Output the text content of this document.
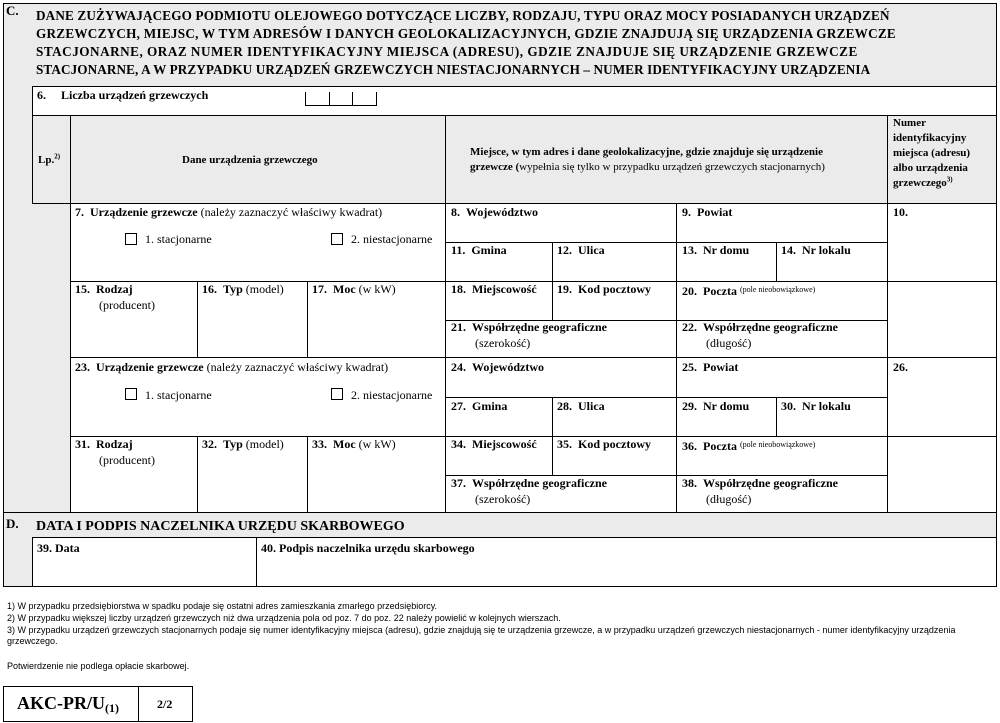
C. DANE ZUŻYWAJĄCEGO PODMIOTU OLEJOWEGO DOTYCZĄCE LICZBY, RODZAJU, TYPU ORAZ MOCY POSIADANYCH URZĄDZEŃ
GRZEWCZYCH, MIEJSC, W TYM ADRESÓW I DANYCH GEOLOKALIZACYJNYCH, GDZIE ZNAJDUJĄ SIĘ URZĄDZENIA GRZEWCZE
STACJONARNE, ORAZ NUMER IDENTYFIKACYJNY MIEJSCA (ADRESU), GDZIE ZNAJDUJE SIĘ URZĄDZENIE GRZEWCZE
STACJONARNE, A W PRZYPADKU URZĄDZEŃ GRZEWCZYCH NIESTACJONARNYCH – NUMER IDENTYFIKACYJNY URZĄDZENIA
6. Liczba urządzeń grzewczych
Lp.$^{2)}$	Dane urządzenia grzewczego
Miejsce, w tym adres i dane geolokalizacyjne, gdzie znajduje się urządzenie
grzewcze (wypełnia się tylko w przypadku urządzeń grzewczych stacjonarnych)
Numer
identyfikacyjny
miejsca (adresu)
albo urządzenia
grzewczego$^{3)}$
7. Urządzenie grzewcze (należy zaznaczyć właściwy kwadrat)
1. stacjonarne	2. niestacjonarne
8. Województwo	9. Powiat	10.
11. Gmina	12. Ulica	13. Nr domu	14. Nr lokalu
15. Rodzaj
(producent)
16. Typ (model) 17. Moc (w kW)	18. Miejscowość 19. Kod pocztowy	20. Poczta $^{(pole nieobowiązkowe)}$
21. Współrzędne geograficzne
(szerokość)
22. Współrzędne geograficzne
(długość)
23. Urządzenie grzewcze (należy zaznaczyć właściwy kwadrat)
1. stacjonarne	2. niestacjonarne
24. Województwo	25. Powiat	26.
27. Gmina	28. Ulica	29. Nr domu	30. Nr lokalu
31. Rodzaj
(producent)
32. Typ (model) 33. Moc (w kW)	34. Miejscowość 35. Kod pocztowy	36. Poczta $^{(pole nieobowiązkowe)}$
37. Współrzędne geograficzne
(szerokość)
38. Współrzędne geograficzne
(długość)
D. DATA I PODPIS NACZELNIKA URZĘDU SKARBOWEGO
39. Data	40. Podpis naczelnika urzędu skarbowego
1) W przypadku przedsiębiorstwa w spadku podaje się ostatni adres zamieszkania zmarłego przedsiębiorcy.
2) W przypadku większej liczby urządzeń grzewczych niż dwa urządzenia pola od poz. 7 do poz. 22 należy powielić w kolejnych wierszach.
3) W przypadku urządzeń grzewczych stacjonarnych podaje się numer identyfikacyjny miejsca (adresu), gdzie znajdują się te urządzenia grzewcze, a w przypadku urządzeń grzewczych niestacjonarnych - numer identyfikacyjny urządzenia
grzewczego.
Potwierdzenie nie podlega opłacie skarbowej.
AKC-PR/U(1)	2/2
